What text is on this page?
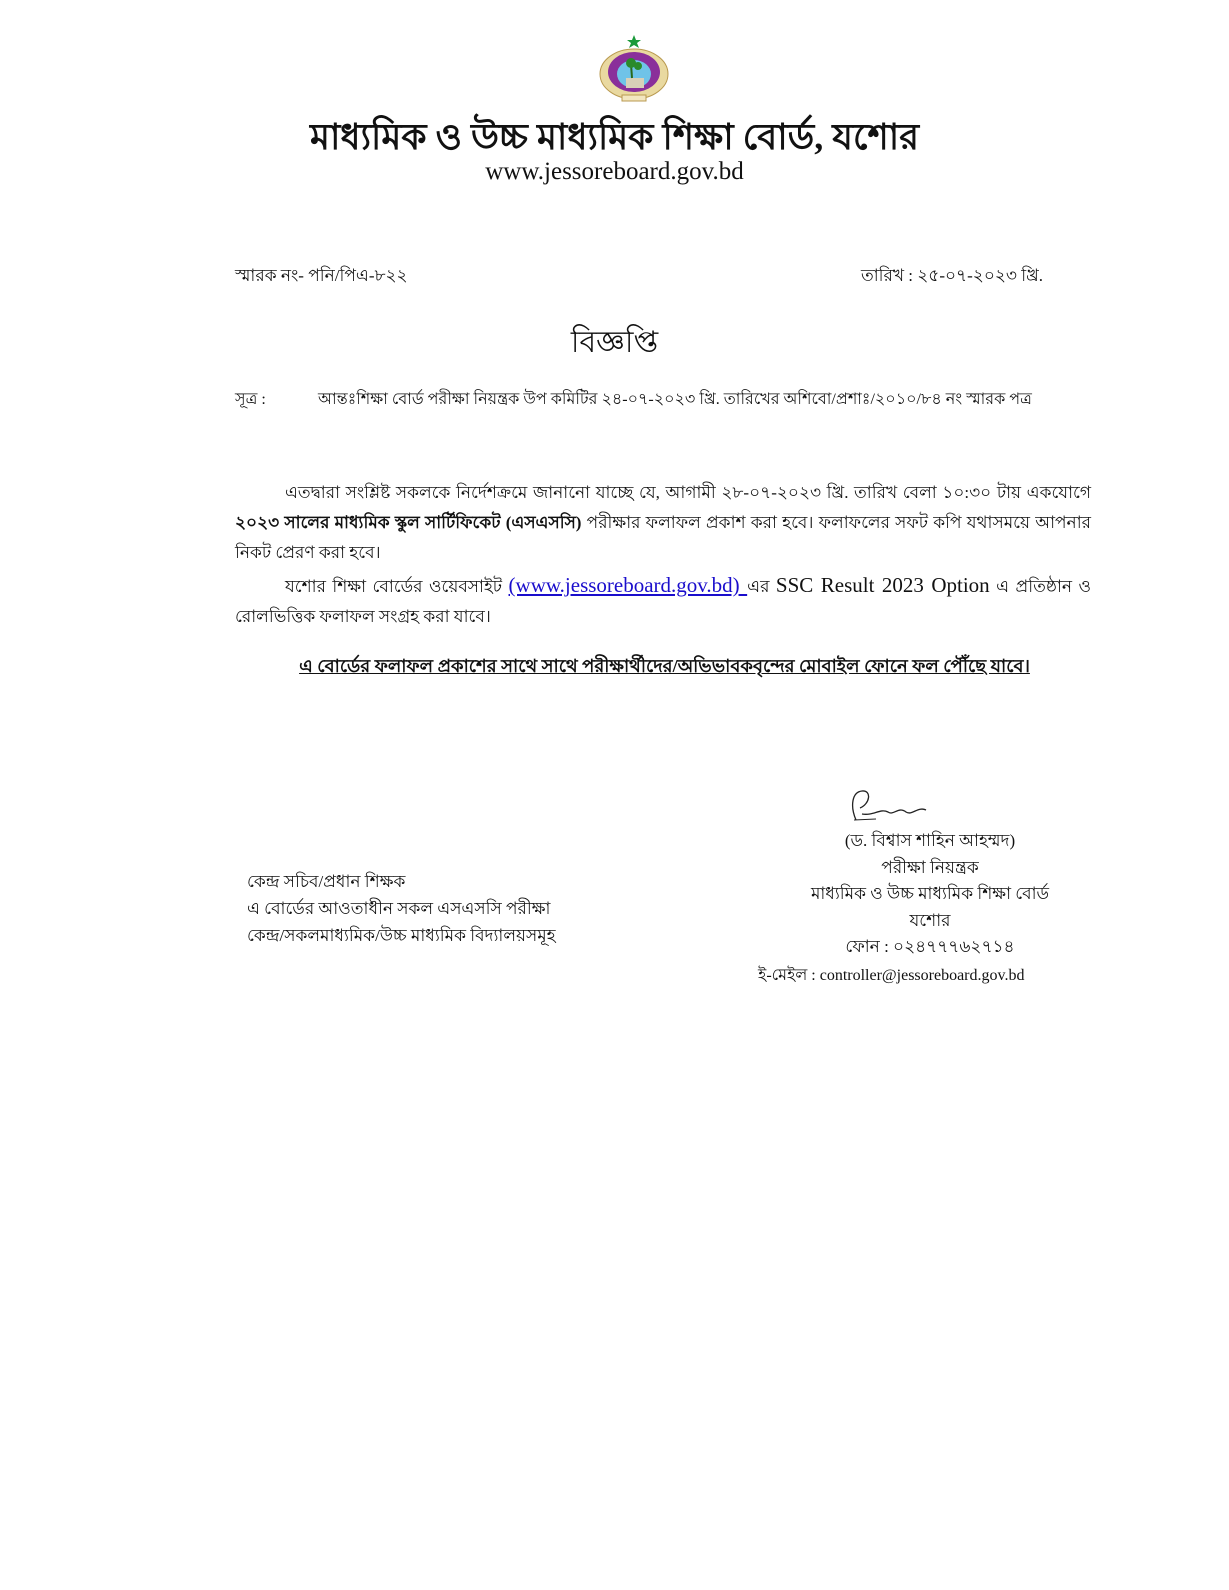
মাধ্যমিক ও উচ্চ মাধ্যমিক শিক্ষা বোর্ড, যশোর
www.jessoreboard.gov.bd
স্মারক নং- পনি/পিএ-৮২২	তারিখ : ২৫-০৭-২০২৩ খ্রি.
বিজ্ঞপ্তি
সূত্র :	আন্তঃশিক্ষা বোর্ড পরীক্ষা নিয়ন্ত্রক উপ কমিটির ২৪-০৭-২০২৩ খ্রি. তারিখের অশিবো/প্রশাঃ/২০১০/৮৪ নং স্মারক পত্র
এতদ্বারা সংশ্লিষ্ট সকলকে নির্দেশক্রমে জানানো যাচ্ছে যে, আগামী ২৮-০৭-২০২৩ খ্রি. তারিখ বেলা ১০:৩০ টায় একযোগে ২০২৩ সালের মাধ্যমিক স্কুল সার্টিফিকেট (এসএসসি) পরীক্ষার ফলাফল প্রকাশ করা হবে। ফলাফলের সফট কপি যথাসময়ে আপনার নিকট প্রেরণ করা হবে।
যশোর শিক্ষা বোর্ডের ওয়েবসাইট (www.jessoreboard.gov.bd) এর SSC Result 2023 Option এ প্রতিষ্ঠান ও রোলভিত্তিক ফলাফল সংগ্রহ করা যাবে।
এ বোর্ডের ফলাফল প্রকাশের সাথে সাথে পরীক্ষার্থীদের/অভিভাবকবৃন্দের মোবাইল ফোনে ফল পৌঁছে যাবে।
কেন্দ্র সচিব/প্রধান শিক্ষক
এ বোর্ডের আওতাধীন সকল এসএসসি পরীক্ষা
কেন্দ্র/সকলমাধ্যমিক/উচ্চ মাধ্যমিক বিদ্যালয়সমূহ
(ড. বিশ্বাস শাহিন আহম্মদ)
পরীক্ষা নিয়ন্ত্রক
মাধ্যমিক ও উচ্চ মাধ্যমিক শিক্ষা বোর্ড
যশোর
ফোন : ০২৪৭৭৭৬২৭১৪
ই-মেইল : controller@jessoreboard.gov.bd
